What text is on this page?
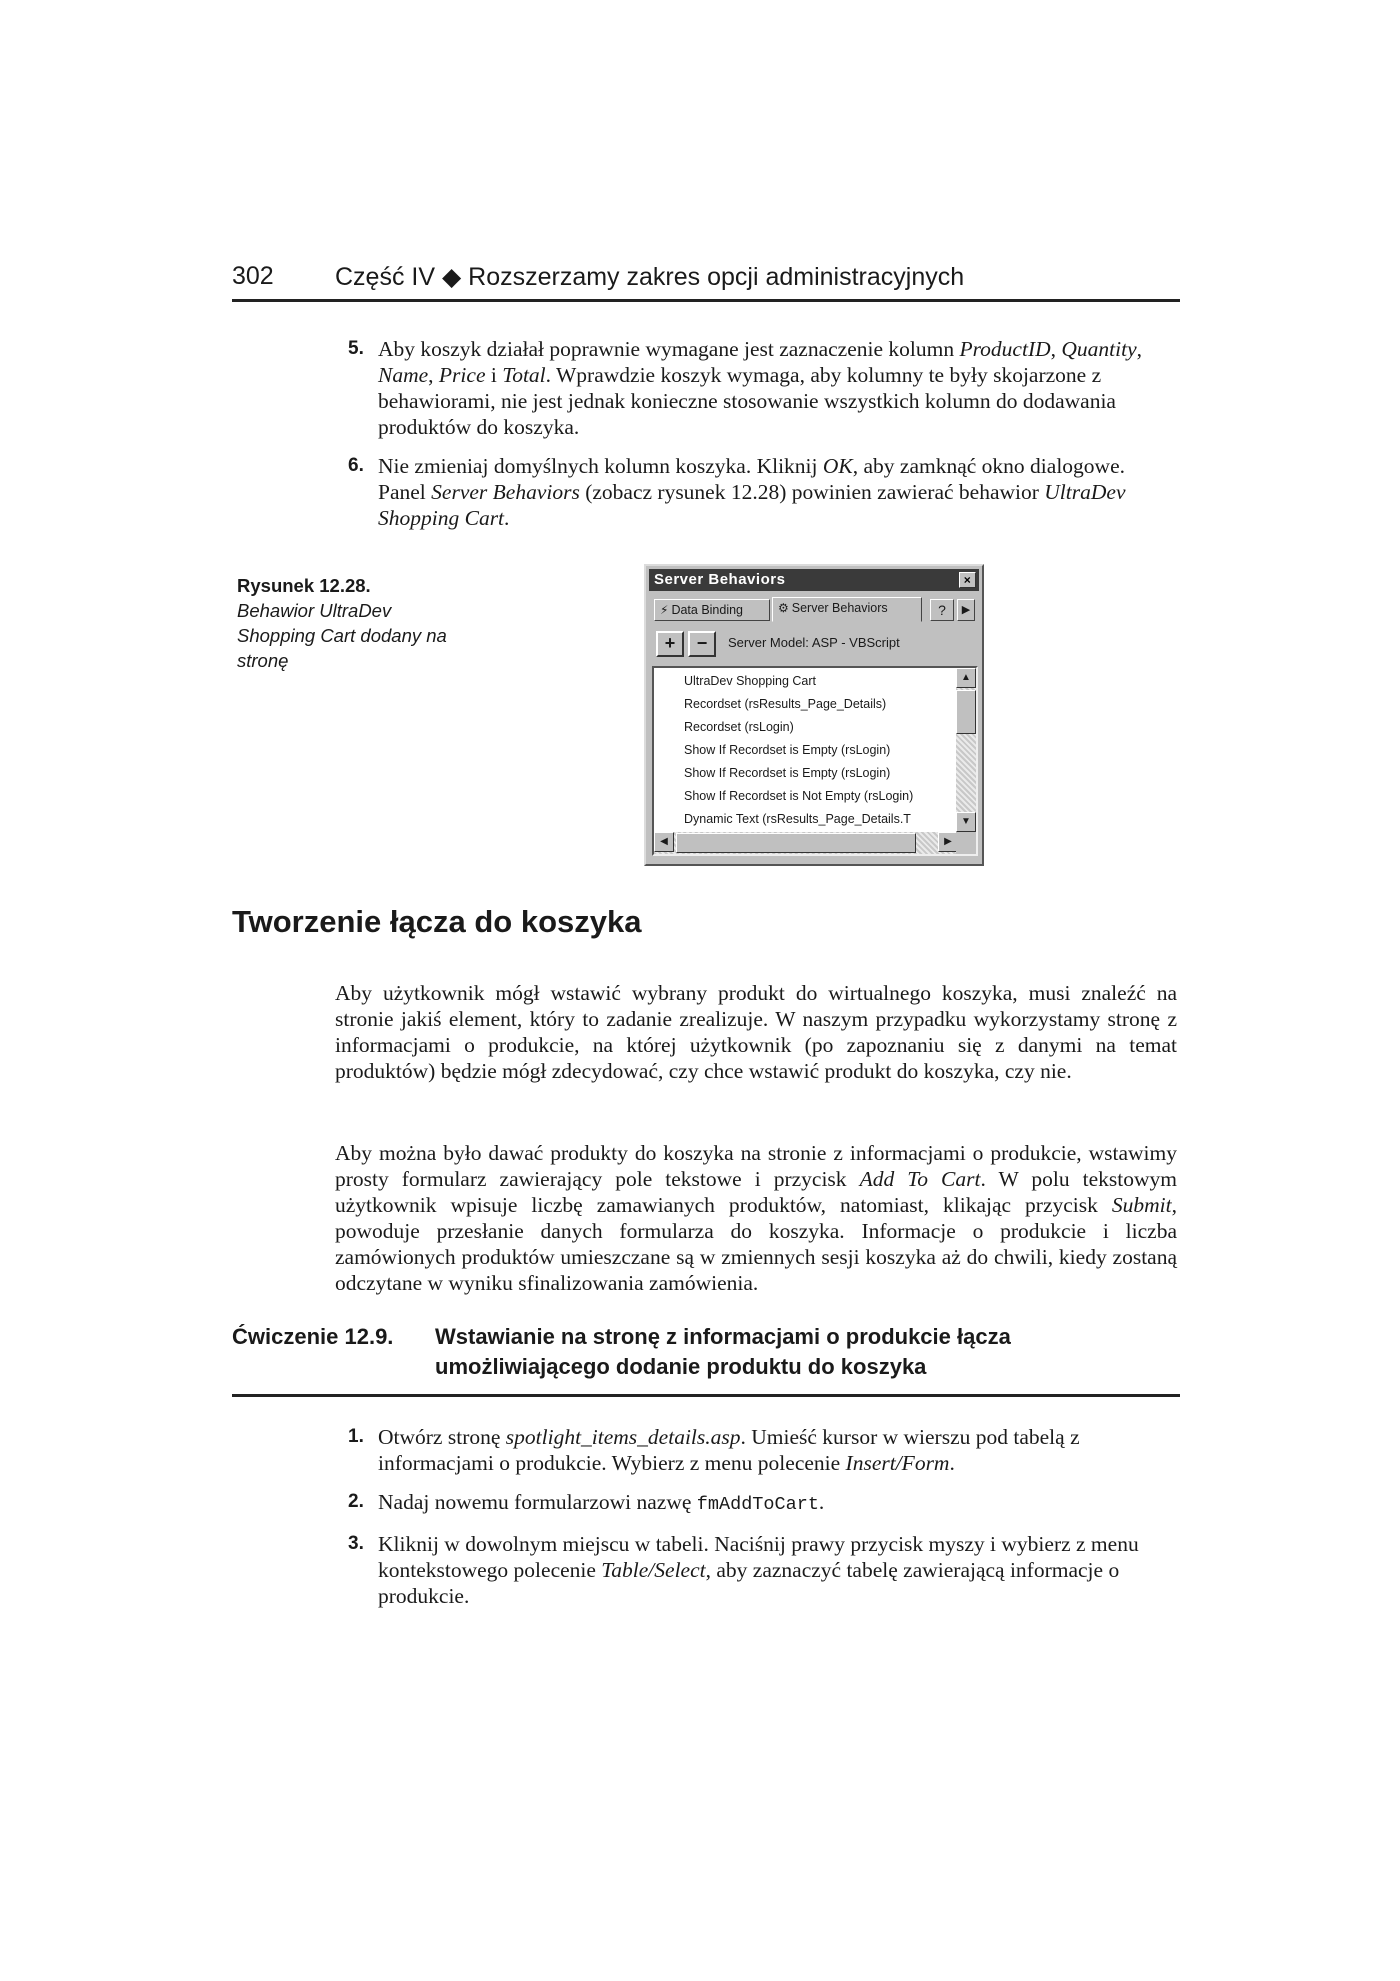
302 Część IV ◆ Rozszerzamy zakres opcji administracyjnych
5. Aby koszyk działał poprawnie wymagane jest zaznaczenie kolumn ProductID, Quantity, Name, Price i Total. Wprawdzie koszyk wymaga, aby kolumny te były skojarzone z behawiorami, nie jest jednak konieczne stosowanie wszystkich kolumn do dodawania produktów do koszyka.
6. Nie zmieniaj domyślnych kolumn koszyka. Kliknij OK, aby zamknąć okno dialogowe. Panel Server Behaviors (zobacz rysunek 12.28) powinien zawierać behawior UltraDev Shopping Cart.
Rysunek 12.28.
Behawior UltraDev Shopping Cart dodany na stronę
Server Behaviors	×
⚡ Data Binding	⚙ Server Behaviors	?	▶
+	−	Server Model: ASP - VBScript
UltraDev Shopping Cart
Recordset (rsResults_Page_Details)
Recordset (rsLogin)
Show If Recordset is Empty (rsLogin)
Show If Recordset is Empty (rsLogin)
Show If Recordset is Not Empty (rsLogin)
Dynamic Text (rsResults_Page_Details.T
▲
▼
◀	▶
Tworzenie łącza do koszyka
Aby użytkownik mógł wstawić wybrany produkt do wirtualnego koszyka, musi znaleźć na stronie jakiś element, który to zadanie zrealizuje. W naszym przypadku wykorzystamy stronę z informacjami o produkcie, na której użytkownik (po zapoznaniu się z danymi na temat produktów) będzie mógł zdecydować, czy chce wstawić produkt do koszyka, czy nie.
Aby można było dawać produkty do koszyka na stronie z informacjami o produkcie, wstawimy prosty formularz zawierający pole tekstowe i przycisk Add To Cart. W polu tekstowym użytkownik wpisuje liczbę zamawianych produktów, natomiast, klikając przycisk Submit, powoduje przesłanie danych formularza do koszyka. Informacje o produkcie i liczba zamówionych produktów umieszczane są w zmiennych sesji koszyka aż do chwili, kiedy zostaną odczytane w wyniku sfinalizowania zamówienia.
Ćwiczenie 12.9. Wstawianie na stronę z informacjami o produkcie łącza umożliwiającego dodanie produktu do koszyka
1. Otwórz stronę spotlight_items_details.asp. Umieść kursor w wierszu pod tabelą z informacjami o produkcie. Wybierz z menu polecenie Insert/Form.
2. Nadaj nowemu formularzowi nazwę fmAddToCart.
3. Kliknij w dowolnym miejscu w tabeli. Naciśnij prawy przycisk myszy i wybierz z menu kontekstowego polecenie Table/Select, aby zaznaczyć tabelę zawierającą informacje o produkcie.
